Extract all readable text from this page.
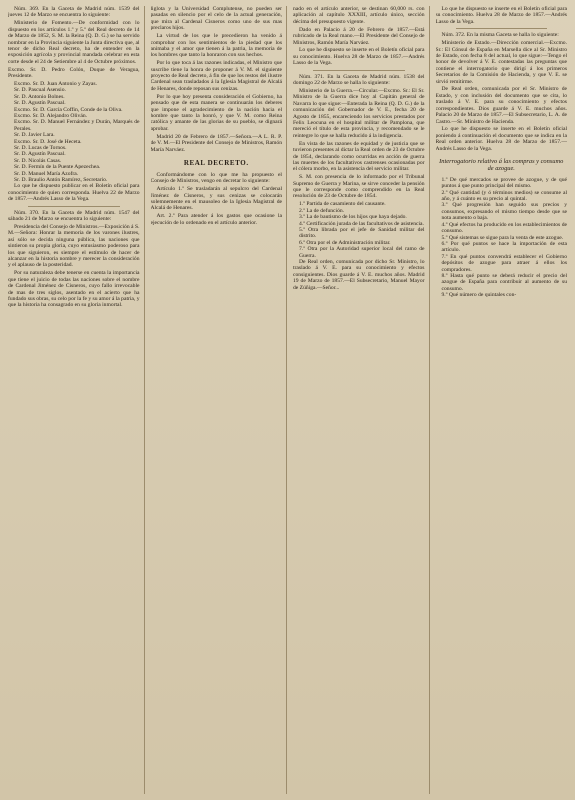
Núm. 369. En la Gaceta de Madrid núm. 1539 del jueves 12 de Marzo se encuentra lo siguiente:

Ministerio de Fomento.—De conformidad con lo dispuesto en los artículos 1.º y 5.º del Real decreto de 14 de Marzo de 1852, S. M. la Reina (Q. D. G.) se ha servido nombrar en la Provincia siguiente la Junta directiva que, al tenor de dicho Real decreto, ha de entender en la exposición agrícola y provincial mandada celebrar en esta corte desde el 24 de Setiembre al 4 de Octubre próximos.

Excmo. Sr. D. Pedro Colón, Duque de Veragua, Presidente.

Excmo. Sr. D. Juan Antonio y Zayas.

Sr. D. Pascual Asensio.

Sr. D. Antonio Bolnes.

Sr. D. Agustín Pascual.

Excmo. Sr. D. García Coffin, Conde de la Oliva.

Excmo. Sr. D. Alejandro Oliván.

Excmo. Sr. D. Manuel Fernández y Durán, Marqués de Perales.

Sr. D. Javier Lara.

Excmo. Sr. D. José de Heceta.

Sr. D. Lucas de Tornos.

Sr. D. Agustín Pascual.

Sr. D. Nicolás Casas.

Sr. D. Fermín de la Puente Apezechea.

Sr. D. Manuel María Azofra.

Sr. D. Braulio Antón Ramírez, Secretario.

Lo que he dispuesto publicar en el Boletín oficial para conocimiento de quien corresponda. Huelva 22 de Marzo de 1857.—Andrés Lasso de la Vega.

Núm. 370. En la Gaceta de Madrid núm. 1547 del sábado 21 de Marzo se encuentra lo siguiente:

Presidencia del Consejo de Ministros.—Exposición á S. M.—Señora: Honrar la memoria de los varones ilustres, así sólo se decida ninguna pública, las naciones que sintieron su propia gloria, cuyo entusiasmo poderoso para los que siguieron, es siempre el estímulo de hacer de alcanzar en la historia nombre y merecer la consideración y el aplauso de la posteridad.

Por su naturaleza debe tenerse en cuenta la importancia que tiene el juicio de todas las naciones sobre el nombre de Cardenal Jiménez de Cisneros, cuyo fallo irrevocable de mas de tres siglos, asentado en el acierto que ha fundado sus obras, su celo por la fe y su amor á la patria, y que la historia ha consagrado en su gloria inmortal.

liglota y la Universidad Complutense, no pueden ser pasadas en silencio por el celo de la actual generación, que mira al Cardenal Cisneros como uno de sus mas preclaros hijos.

La virtud de los que le precedieron ha venido á comprobar con los sentimientos de la piedad que los animaba y el amor que tienen á la patria, la memoria de los hombres que tanto la honraron con sus hechos.

Por lo que toca á las razones indicadas, el Ministro que suscribe tiene la honra de proponer á V. M. el siguiente proyecto de Real decreto, á fin de que los restos del ilustre Cardenal sean trasladados á la Iglesia Magistral de Alcalá de Henares, donde reposan sus cenizas.

Por lo que hoy presenta consideración el Gobierno, ha pensado que de esta manera se continuarán los deberes que impone el agradecimiento de la nación hacia el hombre que tanto la honró, y que V. M. como Reina católica y amante de las glorias de su pueblo, se dignará aprobar.

Madrid 20 de Febrero de 1857.—Señora.—A L. R. P. de V. M.—El Presidente del Consejo de Ministros, Ramón María Narváez.

REAL DECRETO.

Conformándome con lo que me ha propuesto el Consejo de Ministros, vengo en decretar lo siguiente:

Artículo 1.º Se trasladarán al sepulcro del Cardenal Jiménez de Cisneros, y sus cenizas se colocarán solemnemente en el mausoleo de la Iglesia Magistral de Alcalá de Henares.

Art. 2.º Para atender á los gastos que ocasione la ejecución de lo ordenado en el artículo anterior.

nado en el artículo anterior, se destinan 60,000 rs. con aplicación al capítulo XXXIII, artículo único, sección décima del presupuesto vigente.

Dado en Palacio á 20 de Febrero de 1857.—Está rubricado de la Real mano.—El Presidente del Consejo de Ministros, Ramón María Narváez.

Lo que he dispuesto se inserte en el Boletín oficial para su conocimiento. Huelva 28 de Marzo de 1857.—Andrés Lasso de la Vega.

Núm. 371. En la Gaceta de Madrid núm. 1538 del domingo 22 de Marzo se halla lo siguiente:

Ministerio de la Guerra.—Circular.—Excmo. Sr.: El Sr. Ministro de la Guerra dice hoy al Capitán general de Navarra lo que sigue:—Enterada la Reina (Q. D. G.) de la comunicación del Gobernador de V. E., fecha 20 de Agosto de 1855, encareciendo los servicios prestados por Felix Leocuna en el hospital militar de Pamplona, que mereció el título de esta provincia, y recomendado se le reintegre lo que se halla reducido á la indigencia.

En vista de las razones de equidad y de justicia que se tuvieron presentes al dictar la Real orden de 23 de Octubre de 1854, declarando como ocurridas en acción de guerra las muertes de los facultativos castrenses ocasionadas por el cólera morbo, en la asistencia del servicio militar.

S. M. con presencia de lo informado por el Tribunal Supremo de Guerra y Marina, se sirve conceder la pensión que le corresponde como comprendido en la Real resolución de 23 de Octubre de 1854.

1.º Partida de casamiento del causante.

2.º La de defunción.

3.º La de bautismo de los hijos que haya dejado.

4.º Certificación jurada de las facultativos de asistencia.

5.º Otra librada por el jefe de Sanidad militar del distrito.

6.º Otra por el de Administración militar.

7.º Otra por la Autoridad superior local del ramo de Guerra.

De Real orden, comunicada por dicho Sr. Ministro, lo traslado á V. E. para su conocimiento y efectos consiguientes. Dios guarde á V. E. muchos años. Madrid 19 de Marzo de 1857.—El Subsecretario, Manuel Mayor de Zúñiga.—Señor...

Lo que he dispuesto se inserte en el Boletín oficial para su conocimiento. Huelva 28 de Marzo de 1857.—Andrés Lasso de la Vega.

Núm. 372. En la misma Gaceta se halla lo siguiente:

Ministerio de Estado.—Dirección comercial.—Excmo. Sr.: El Cónsul de España en Marsella dice al Sr. Ministro de Estado, con fecha 8 del actual, lo que sigue:—Tengo el honor de devolver á V. E. contestadas las preguntas que contiene el interrogatorio que dirigí á los primeros Secretarios de la Comisión de Hacienda, y que V. E. se sirvió remitirme.

De Real orden, comunicada por el Sr. Ministro de Estado, y con inclusión del documento que se cita, lo traslado á V. E. para su conocimiento y efectos correspondientes. Dios guarde á V. E. muchos años. Palacio 20 de Marzo de 1857.—El Subsecretario, L. A. de Castro.—Sr. Ministro de Hacienda.

Lo que he dispuesto se inserte en el Boletín oficial poniendo á continuación el documento que se indica en la Real orden anterior. Huelva 28 de Marzo de 1857.—Andrés Lasso de la Vega.

Interrogatorio relativo á las compras y consumo de azogue.

1.º De qué mercados se provee de azogue, y de qué puntos á que punto principal del mismo.

2.º Qué cantidad (y ó términos medios) se consume al año, y á cuánto es su precio al quintal.

3.º Qué progresión han seguido sus precios y consumos, expresando el mismo tiempo desde que se nota aumento o baja.

4.º Qué efectos ha producido en los establecimientos de consumo.

5.º Qué sistemas se sigue para la venta de este azogue.

6.º Por qué puntos se hace la importación de esta artículo.

7.º En qué puntos convendrá establecer el Gobierno depósitos de azogue para atraer á ellos los compradores.

8.º Hasta qué punto se deberá reducir el precio del azogue de España para contribuir al aumento de su consumo.

9.º Qué número de quintales con-
